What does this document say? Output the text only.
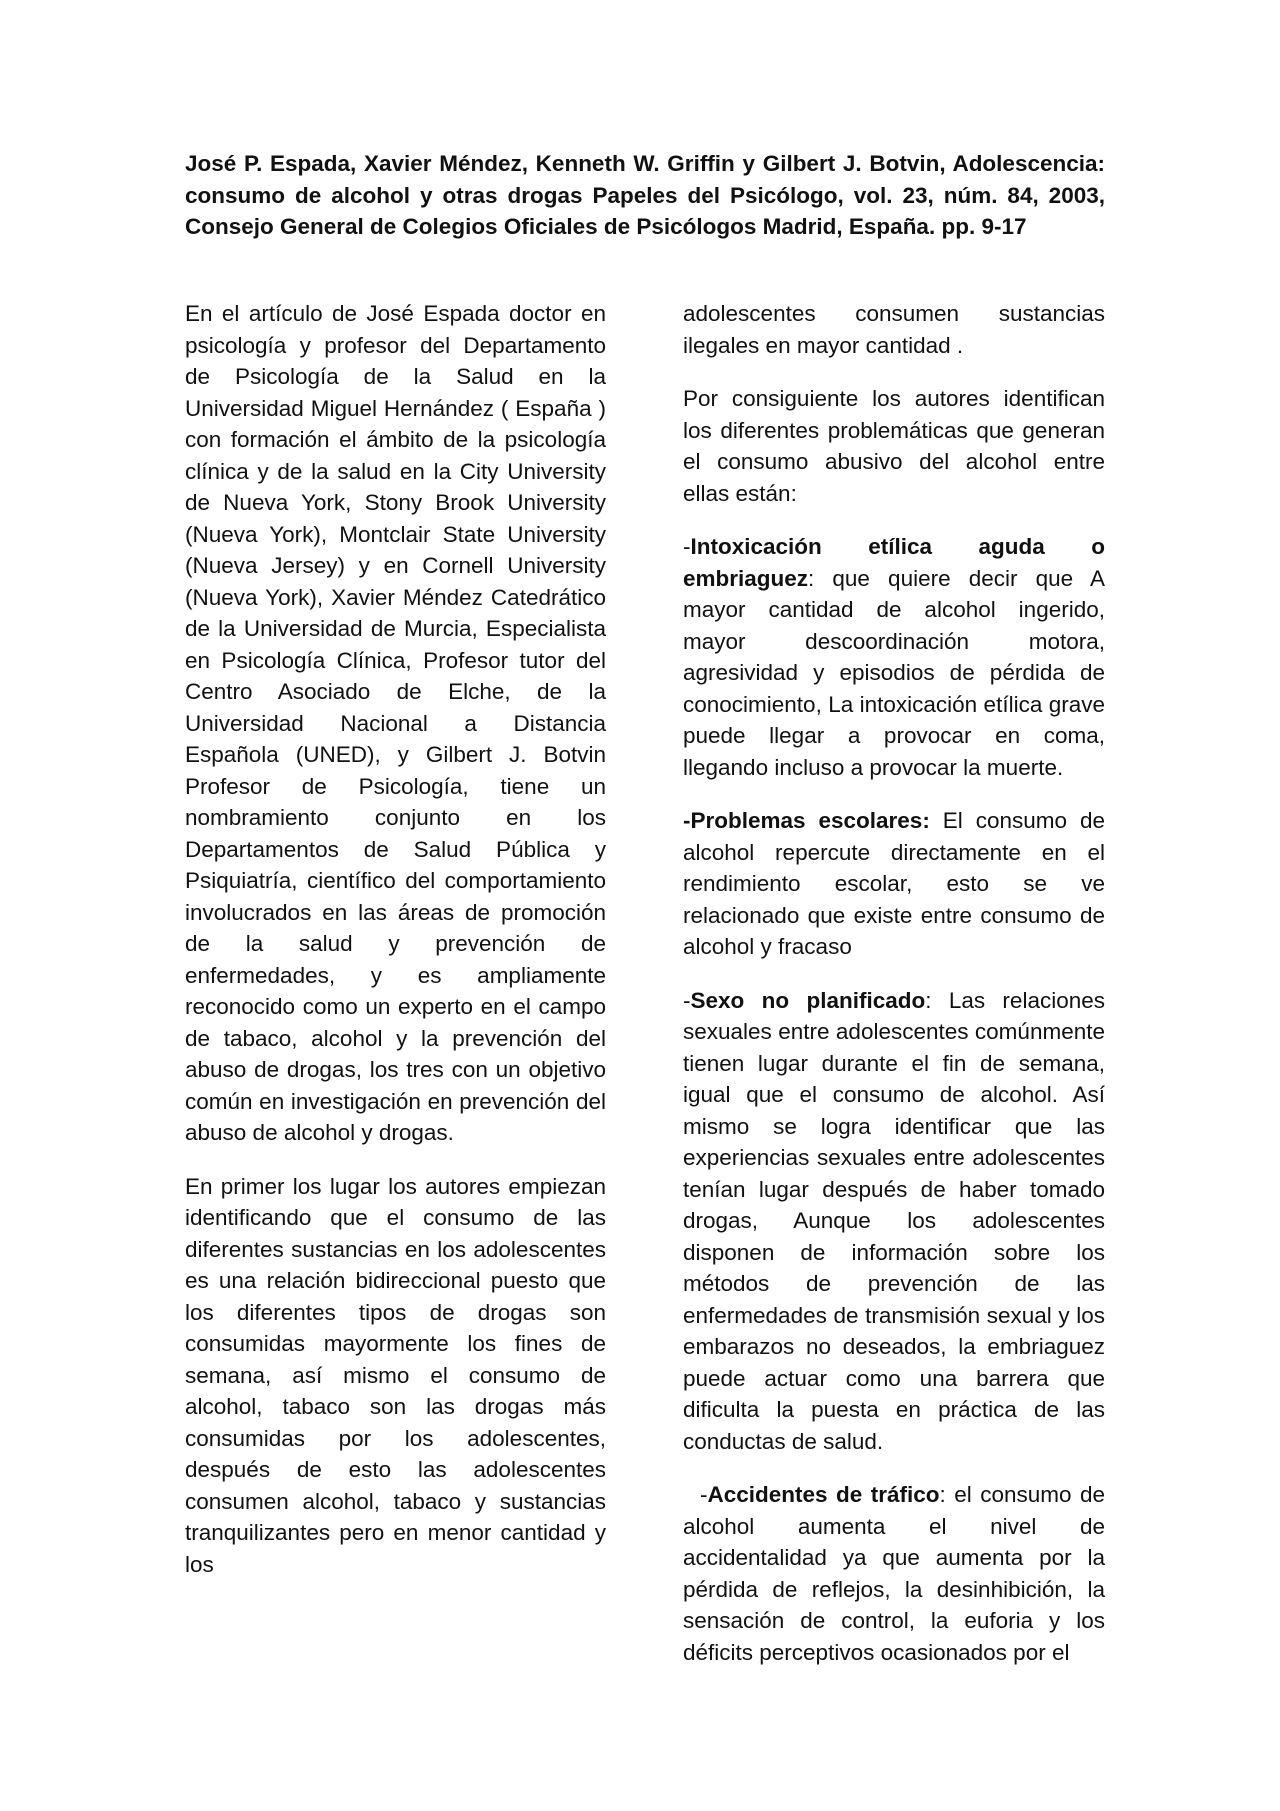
José P. Espada, Xavier Méndez, Kenneth W. Griffin y Gilbert J. Botvin, Adolescencia: consumo de alcohol y otras drogas Papeles del Psicólogo, vol. 23, núm. 84, 2003, Consejo General de Colegios Oficiales de Psicólogos Madrid, España. pp. 9-17

En el artículo de José Espada doctor en psicología y profesor del Departamento de Psicología de la Salud en la Universidad Miguel Hernández ( España ) con formación el ámbito de la psicología clínica y de la salud en la City University de Nueva York, Stony Brook University (Nueva York), Montclair State University (Nueva Jersey) y en Cornell University (Nueva York), Xavier Méndez Catedrático de la Universidad de Murcia, Especialista en Psicología Clínica, Profesor tutor del Centro Asociado de Elche, de la Universidad Nacional a Distancia Española (UNED), y Gilbert J. Botvin Profesor de Psicología, tiene un nombramiento conjunto en los Departamentos de Salud Pública y Psiquiatría, científico del comportamiento involucrados en las áreas de promoción de la salud y prevención de enfermedades, y es ampliamente reconocido como un experto en el campo de tabaco, alcohol y la prevención del abuso de drogas, los tres con un objetivo común en investigación en prevención del abuso de alcohol y drogas.

En primer los lugar los autores empiezan identificando que el consumo de las diferentes sustancias en los adolescentes es una relación bidireccional puesto que los diferentes tipos de drogas son consumidas mayormente los fines de semana, así mismo el consumo de alcohol, tabaco son las drogas más consumidas por los adolescentes, después de esto las adolescentes consumen alcohol, tabaco y sustancias tranquilizantes pero en menor cantidad y los

adolescentes consumen sustancias ilegales en mayor cantidad .

Por consiguiente los autores identifican los diferentes problemáticas que generan el consumo abusivo del alcohol entre ellas están:

-Intoxicación etílica aguda o embriaguez: que quiere decir que A mayor cantidad de alcohol ingerido, mayor descoordinación motora, agresividad y episodios de pérdida de conocimiento, La intoxicación etílica grave puede llegar a provocar en coma, llegando incluso a provocar la muerte.

-Problemas escolares: El consumo de alcohol repercute directamente en el rendimiento escolar, esto se ve relacionado que existe entre consumo de alcohol y fracaso

-Sexo no planificado: Las relaciones sexuales entre adolescentes comúnmente tienen lugar durante el fin de semana, igual que el consumo de alcohol. Así mismo se logra identificar que las experiencias sexuales entre adolescentes tenían lugar después de haber tomado drogas, Aunque los adolescentes disponen de información sobre los métodos de prevención de las enfermedades de transmisión sexual y los embarazos no deseados, la embriaguez puede actuar como una barrera que dificulta la puesta en práctica de las conductas de salud.

-Accidentes de tráfico: el consumo de alcohol aumenta el nivel de accidentalidad ya que aumenta por la pérdida de reflejos, la desinhibición, la sensación de control, la euforia y los déficits perceptivos ocasionados por el
